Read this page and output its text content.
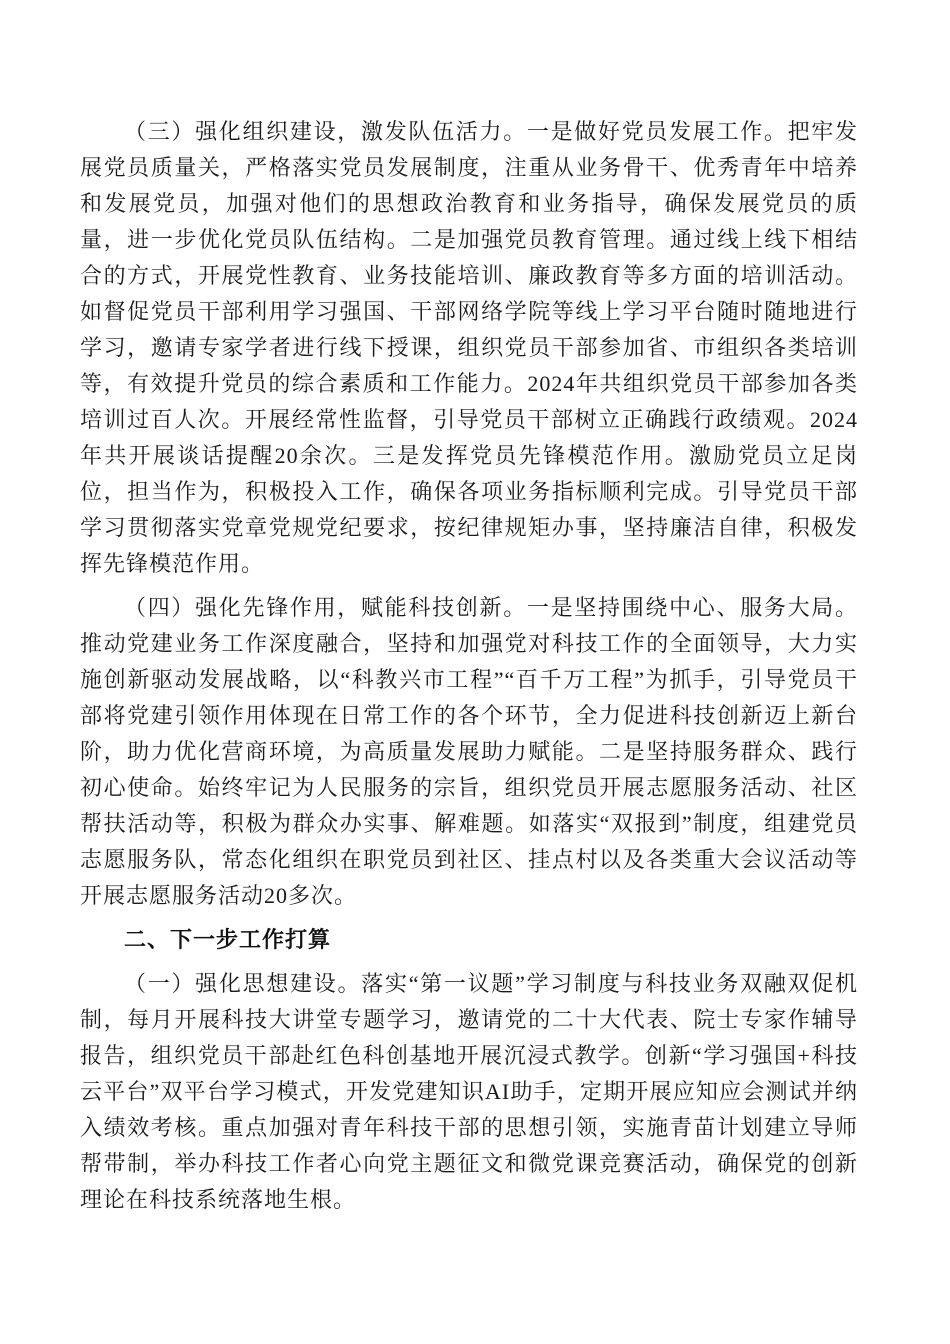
（三）强化组织建设，激发队伍活力。一是做好党员发展工作。把牢发展党员质量关，严格落实党员发展制度，注重从业务骨干、优秀青年中培养和发展党员，加强对他们的思想政治教育和业务指导，确保发展党员的质量，进一步优化党员队伍结构。二是加强党员教育管理。通过线上线下相结合的方式，开展党性教育、业务技能培训、廉政教育等多方面的培训活动。如督促党员干部利用学习强国、干部网络学院等线上学习平台随时随地进行学习，邀请专家学者进行线下授课，组织党员干部参加省、市组织各类培训等，有效提升党员的综合素质和工作能力。2024年共组织党员干部参加各类培训过百人次。开展经常性监督，引导党员干部树立正确践行政绩观。2024年共开展谈话提醒20余次。三是发挥党员先锋模范作用。激励党员立足岗位，担当作为，积极投入工作，确保各项业务指标顺利完成。引导党员干部学习贯彻落实党章党规党纪要求，按纪律规矩办事，坚持廉洁自律，积极发挥先锋模范作用。

（四）强化先锋作用，赋能科技创新。一是坚持围绕中心、服务大局。推动党建业务工作深度融合，坚持和加强党对科技工作的全面领导，大力实施创新驱动发展战略，以“科教兴市工程”“百千万工程”为抓手，引导党员干部将党建引领作用体现在日常工作的各个环节，全力促进科技创新迈上新台阶，助力优化营商环境，为高质量发展助力赋能。二是坚持服务群众、践行初心使命。始终牢记为人民服务的宗旨，组织党员开展志愿服务活动、社区帮扶活动等，积极为群众办实事、解难题。如落实“双报到”制度，组建党员志愿服务队，常态化组织在职党员到社区、挂点村以及各类重大会议活动等开展志愿服务活动20多次。

二、下一步工作打算

（一）强化思想建设。落实“第一议题”学习制度与科技业务双融双促机制，每月开展科技大讲堂专题学习，邀请党的二十大代表、院士专家作辅导报告，组织党员干部赴红色科创基地开展沉浸式教学。创新“学习强国+科技云平台”双平台学习模式，开发党建知识AI助手，定期开展应知应会测试并纳入绩效考核。重点加强对青年科技干部的思想引领，实施青苗计划建立导师帮带制，举办科技工作者心向党主题征文和微党课竞赛活动，确保党的创新理论在科技系统落地生根。
